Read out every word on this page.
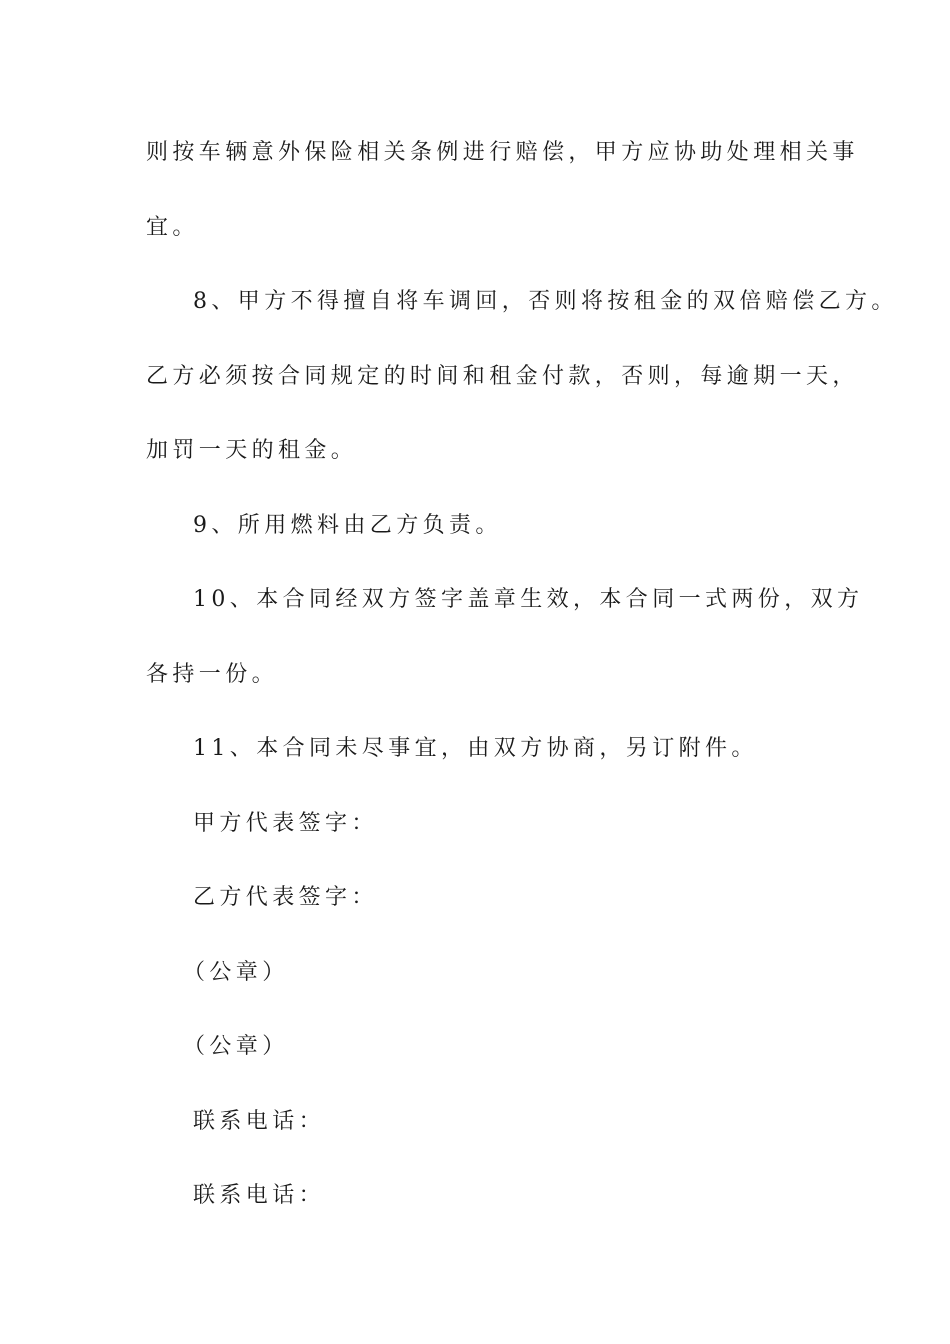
则按车辆意外保险相关条例进行赔偿，甲方应协助处理相关事
宜。
8、甲方不得擅自将车调回，否则将按租金的双倍赔偿乙方。
乙方必须按合同规定的时间和租金付款，否则，每逾期一天，
加罚一天的租金。
9、所用燃料由乙方负责。
10、本合同经双方签字盖章生效，本合同一式两份，双方
各持一份。
11、本合同未尽事宜，由双方协商，另订附件。
甲方代表签字：
乙方代表签字：
（公章）
（公章）
联系电话：
联系电话：
